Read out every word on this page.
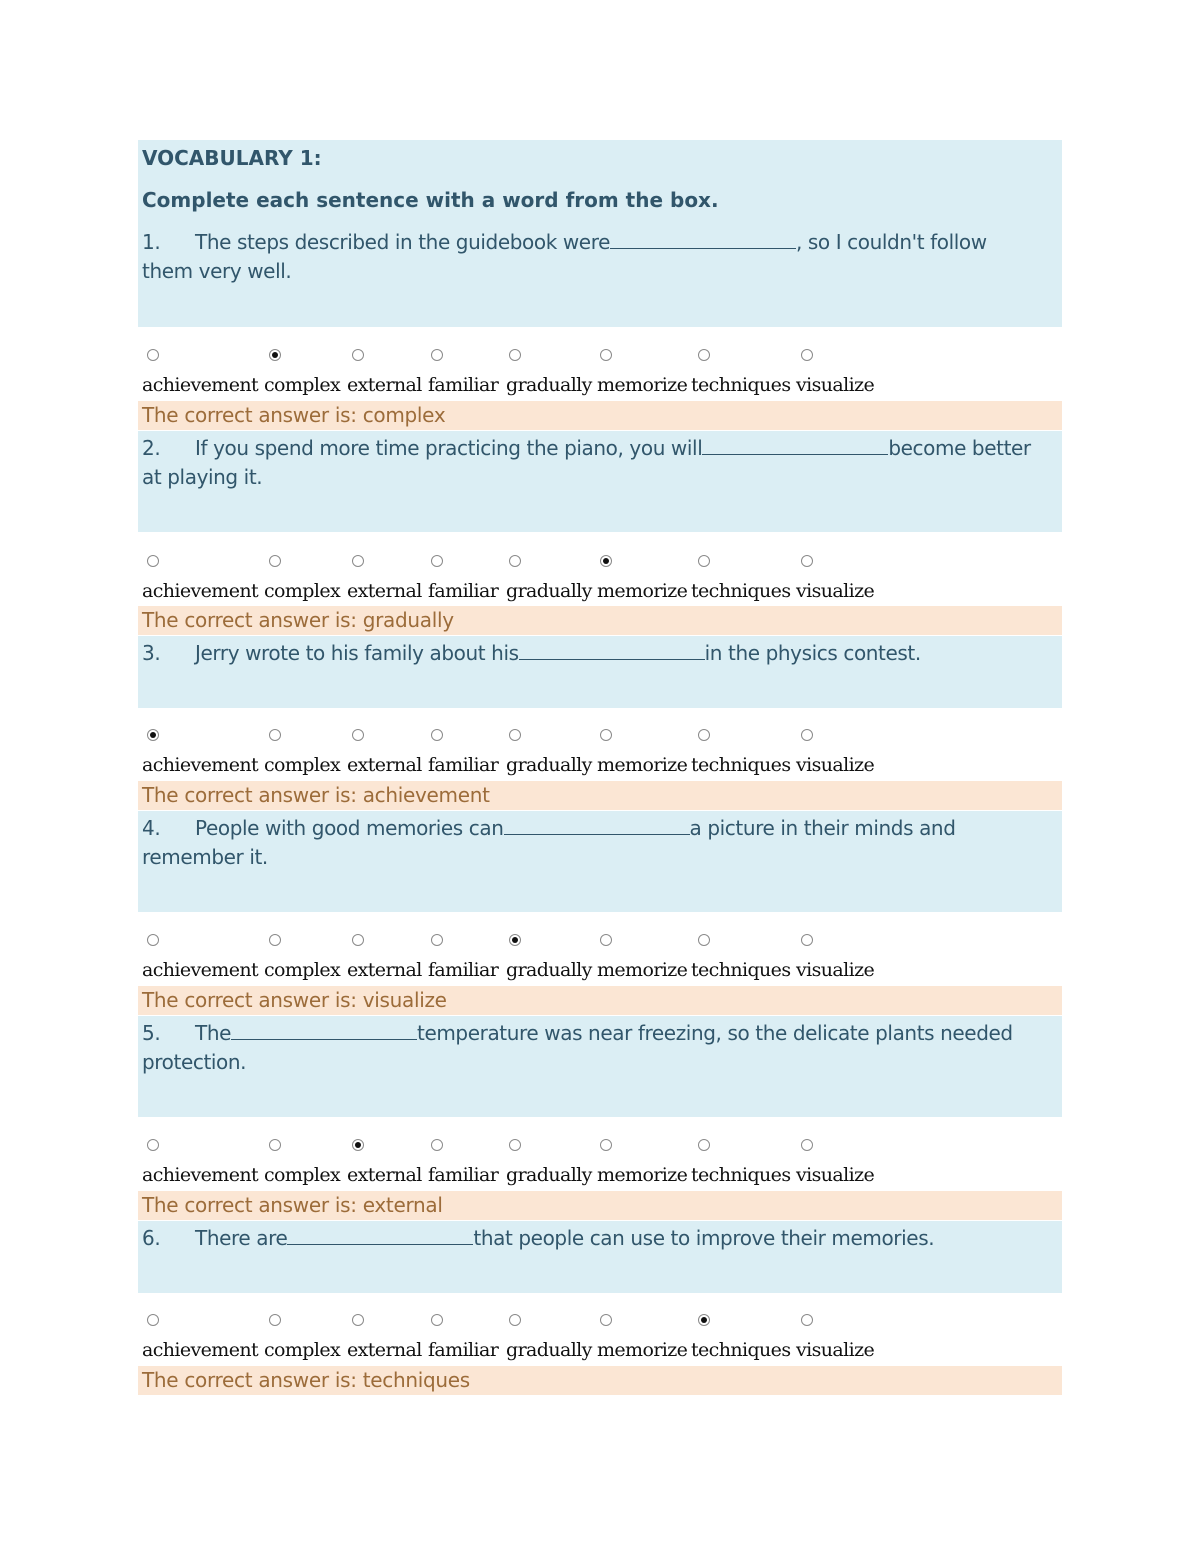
VOCABULARY 1:
Complete each sentence with a word from the box.
1. The steps described in the guidebook were	, so I couldn't follow
them very well.
achievement complex external familiar gradually memorize techniques visualize
The correct answer is: complex
2. If you spend more time practicing the piano, you will	become better
at playing it.
achievement complex external familiar gradually memorize techniques visualize
The correct answer is: gradually
3. Jerry wrote to his family about his	in the physics contest.
achievement complex external familiar gradually memorize techniques visualize
The correct answer is: achievement
4. People with good memories can	a picture in their minds and
remember it.
achievement complex external familiar gradually memorize techniques visualize
The correct answer is: visualize
5. The	temperature was near freezing, so the delicate plants needed
protection.
achievement complex external familiar gradually memorize techniques visualize
The correct answer is: external
6. There are	that people can use to improve their memories.
achievement complex external familiar gradually memorize techniques visualize
The correct answer is: techniques
